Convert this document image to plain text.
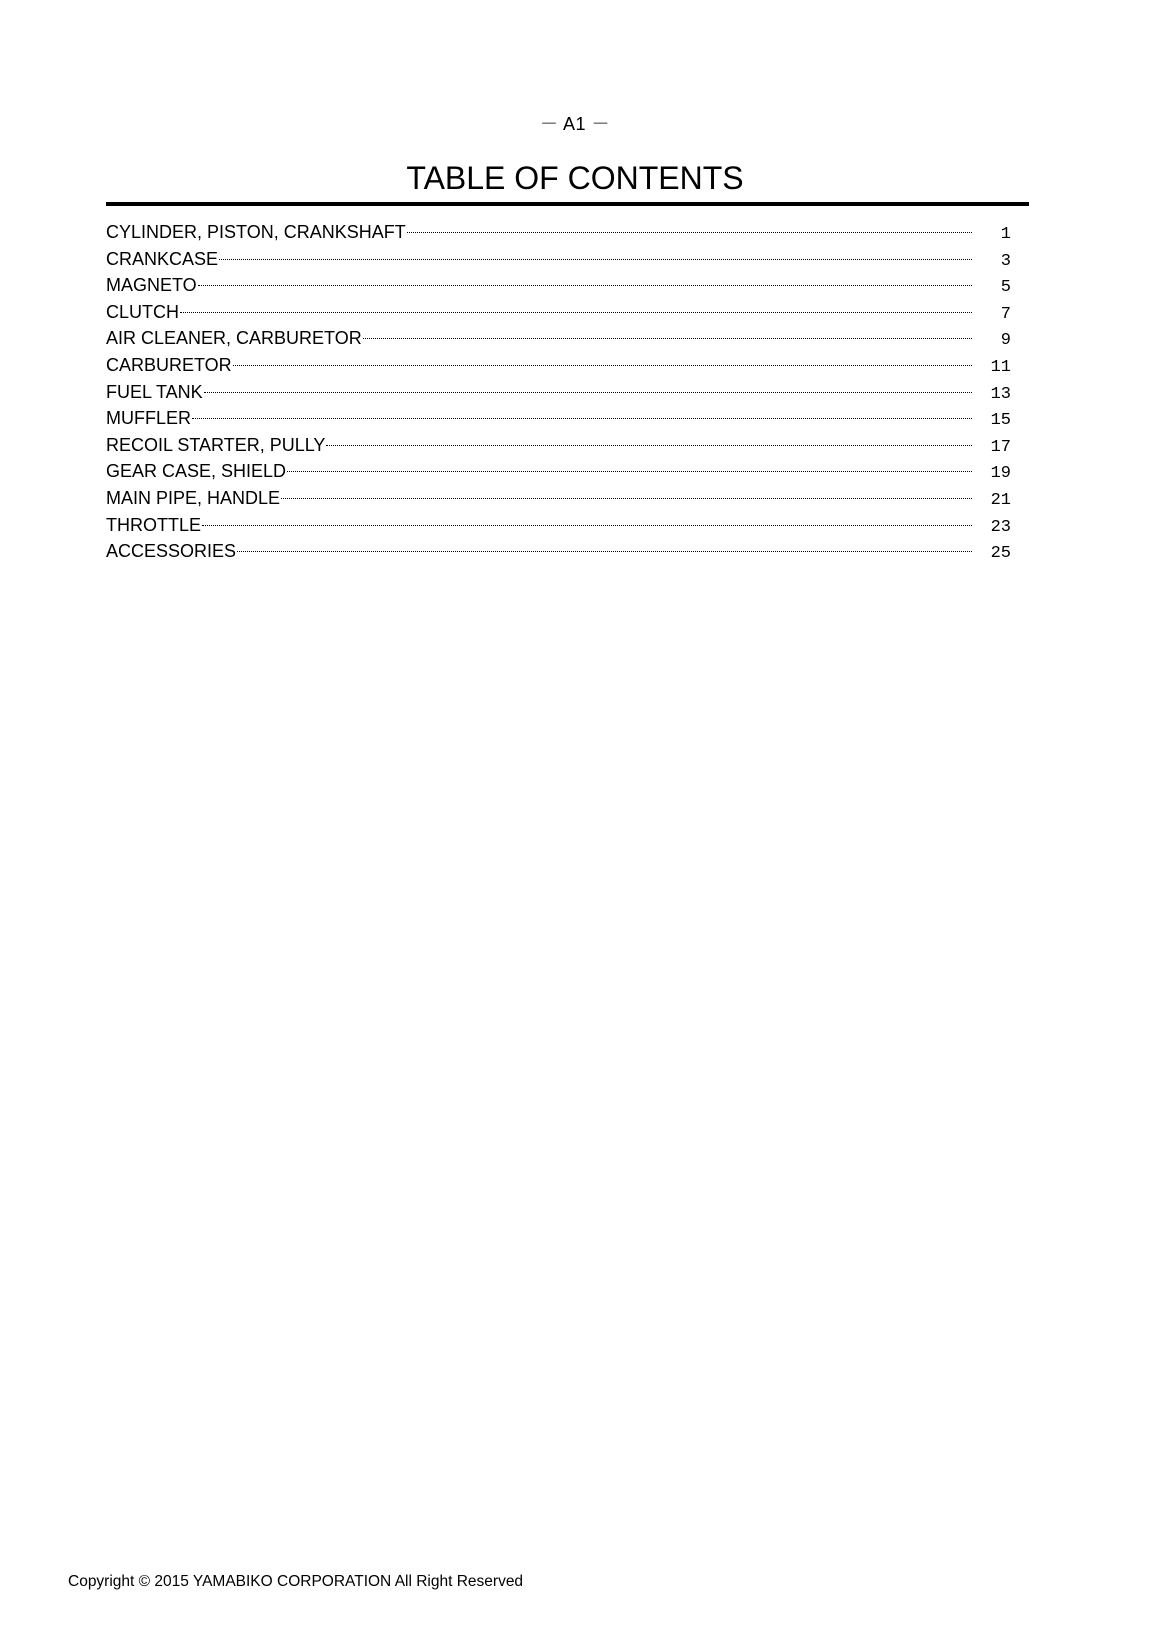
－ A1 －
TABLE OF CONTENTS
CYLINDER, PISTON, CRANKSHAFT	1
CRANKCASE	3
MAGNETO	5
CLUTCH	7
AIR CLEANER, CARBURETOR	9
CARBURETOR	11
FUEL TANK	13
MUFFLER	15
RECOIL STARTER, PULLY	17
GEAR CASE, SHIELD	19
MAIN PIPE, HANDLE	21
THROTTLE	23
ACCESSORIES	25
Copyright © 2015 YAMABIKO CORPORATION All Right Reserved
